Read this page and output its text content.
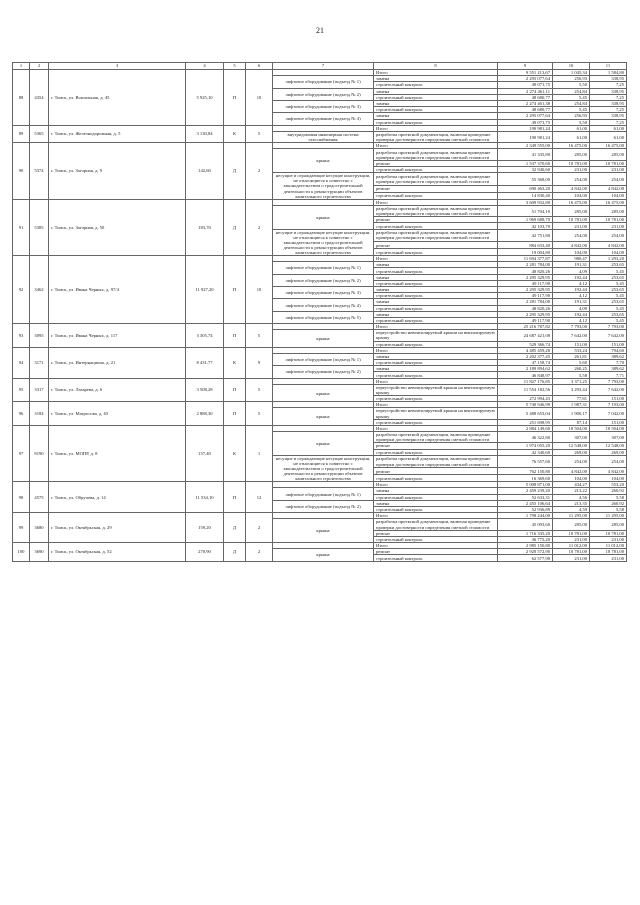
21
1	2	3	4	5	6	7	8	9	10	11
88	4354	г. Томск, ул. Вокзальная, д. 45	5 925,10	П	10		Итого	9 551 213,67	1 045,34	1 584,80
						лифтовое оборудование (подъезд № 1)	замена	2 295 077,64	256,93	338,95
							строительный контроль	49 071,75	5,50	7,25
						лифтовое оборудование (подъезд № 2)	замена	2 274 461,11	254,84	338,95
							строительный контроль	48 680,77	5,45	7,25
						лифтовое оборудование (подъезд № 3)	замена	2 274 461,38	254,84	338,95
							строительный контроль	48 680,77	5,45	7,25
						лифтовое оборудование (подъезд № 4)	замена	2 295 077,64	256,93	338,95
							строительный контроль	49 071,75	5,50	7,25
89	5365	г. Томск, ул. Железнодорожная, д. 5	3 130,84	К	5		Итого	190 981,24	61,00	61,00
						внутридомовая инженерная система газоснабжения	разработка проектной документации, включая проведение проверки достоверности определения сметной стоимости	190 981,24	61,00	61,00
90	5374	г. Томск, ул. Загорная, д. 9	142,60	Д	2		Итого	2 349 555,00	16 475,00	16 475,00
						крыша	разработка проектной документации, включая проведение проверки достоверности определения сметной стоимости	41 335,80	285,00	285,00
							ремонт	1 537 370,60	10 781,00	10 781,00
							строительный контроль	32 940,60	231,00	231,00
						несущие и ограждающие несущие конструкции, не относящиеся к совместно с законодательством о градостроительной деятельности к реконструкции объектов капитального строительства	разработка проектной документации, включая проведение проверки достоверности определения сметной стоимости	55 368,00	254,00	254,00
							ремонт	690 463,20	4 842,00	4 842,00
							строительный контроль	14 830,40	104,00	104,00
91	5385	г. Томск, ул. Загорная, д. 50	183,70	Д	2		Итого	3 609 932,80	16 475,00	16 475,00
						крыша	разработка проектной документации, включая проведение проверки достоверности определения сметной стоимости	51 704,10	285,00	285,00
							ремонт	1 969 688,70	10 781,00	10 781,00
							строительный контроль	42 103,70	231,00	231,00
						несущие и ограждающие несущие конструкции, не относящиеся к совместно с законодательством о градостроительной деятельности к реконструкции объектов капитального строительства	разработка проектной документации, включая проведение проверки достоверности определения сметной стоимости	42 751,80	254,00	254,00
							ремонт	884 633,40	4 842,00	4 842,00
							строительный контроль	19 004,80	104,00	104,00
92	3462	г. Томск, ул. Ивана Черных, д. 97/4	11 927,20	П	10		Итого	11 694 377,87	980,47	1 293,20
						лифтовое оборудование (подъезд № 1)	замена	2 281 784,00	191,31	253,65
							строительный контроль	48 820,26	4,09	5,45
						лифтовое оборудование (подъезд № 2)	замена	2 295 329,95	192,44	253,65
							строительный контроль	49 117,90	4,12	5,45
						лифтовое оборудование (подъезд № 3)	замена	2 295 329,95	192,44	253,65
							строительный контроль	49 117,90	4,12	5,45
						лифтовое оборудование (подъезд № 4)	замена	2 281 784,00	191,31	253,65
							строительный контроль	48 820,26	4,09	5,45
						лифтовое оборудование (подъезд № 5)	замена	2 295 329,95	192,44	253,65
							строительный контроль	49 117,90	4,12	5,45
93	3095	г. Томск, ул. Ивана Черных, д. 117	3 305,74	П	5		Итого	25 216 787,82	7 793,00	7 793,00
						крыша	переустройство невентилируемой крыши на вентилируемую крышу	24 687 421,08	7 642,00	7 642,00
							строительный контроль	529 366,74	151,00	151,00
94	3171	г. Томск, ул. Интернациона, д. 21	8 431,77	К	9		Итого	4 485 459,28	533,24	794,60
						лифтовое оборудование (подъезд № 1)	замена	2 202 377,45	261,81	389,62
							строительный контроль	47 158,74	5,60	7,70
						лифтовое оборудование (подъезд № 2)	замена	2 189 894,62	260,25	389,62
							строительный контроль	46 848,97	5,58	7,71
95	3317	г. Томск, ул. Лазарева, д. 6	3 508,28	П	5		Итого	11 827 176,85	3 371,25	7 793,00
						крыша	переустройство невентилируемой крыши на вентилируемую крышу	11 554 182,56	3 293,44	7 642,00
							строительный контроль	272 994,43	77,81	151,00
96	3184	г. Томск, ул. Матросова, д. 65	2 888,30	П	5		Итого	5 740 946,99	1 987,31	7 193,00
						крыша	переустройство невентилируемой крыши на вентилируемую крышу	5 488 653,04	1 900,17	7 042,00
							строительный контроль	251 698,95	87,14	151,00
97	8190	г. Томск, ул. МОПР, д. 8	157,40	К	1		Итого	2 884 149,60	18 504,00	18 504,00
						крыша	разработка проектной документации, включая проведение проверки достоверности определения сметной стоимости	46 322,80	307,00	307,00
							ремонт	1 974 055,20	12 548,00	12 548,00
							строительный контроль	42 340,60	269,00	269,00
						несущие и ограждающие несущие конструкции, не относящиеся к совместно с законодательством о градостроительной деятельности к реконструкции объектов капитального строительства	разработка проектной документации, включая проведение проверки достоверности определения сметной стоимости	76 557,60	254,00	254,00
							ремонт	762 150,80	4 842,00	4 842,00
							строительный контроль	16 369,60	104,00	104,00
98	4575	г. Томск, ул. Обручева, д. 14	11 534,10	П	12		Итого	5 008 871,00	434,27	553,20
						лифтовое оборудование (подъезд № 1)	замена	2 459 239,20	213,22	260,92
							строительный контроль	52 633,31	4,56	5,58
						лифтовое оборудование (подъезд № 2)	замена	2 455 106,64	213,35	260,92
							строительный контроль	52 936,89	4,59	5,58
99	3680	г. Томск, ул. Октябрьская, д. 29	159,20	Д	2		Итого	1 798 244,00	11 295,00	11 295,00
						крыша	разработка проектной документации, включая проведение проверки достоверности определения сметной стоимости	45 093,60	285,00	285,00
							ремонт	1 716 335,20	10 781,00	10 781,00
							строительный контроль	36 775,20	231,00	231,00
100	3690	г. Томск, ул. Октябрьская, д. 52	270,90	Д	2		Итого	2 985 150,80	11 012,00	11 012,00
						крыша	ремонт	2 920 572,90	10 781,00	10 781,00
							строительный контроль	62 577,90	231,00	231,00
